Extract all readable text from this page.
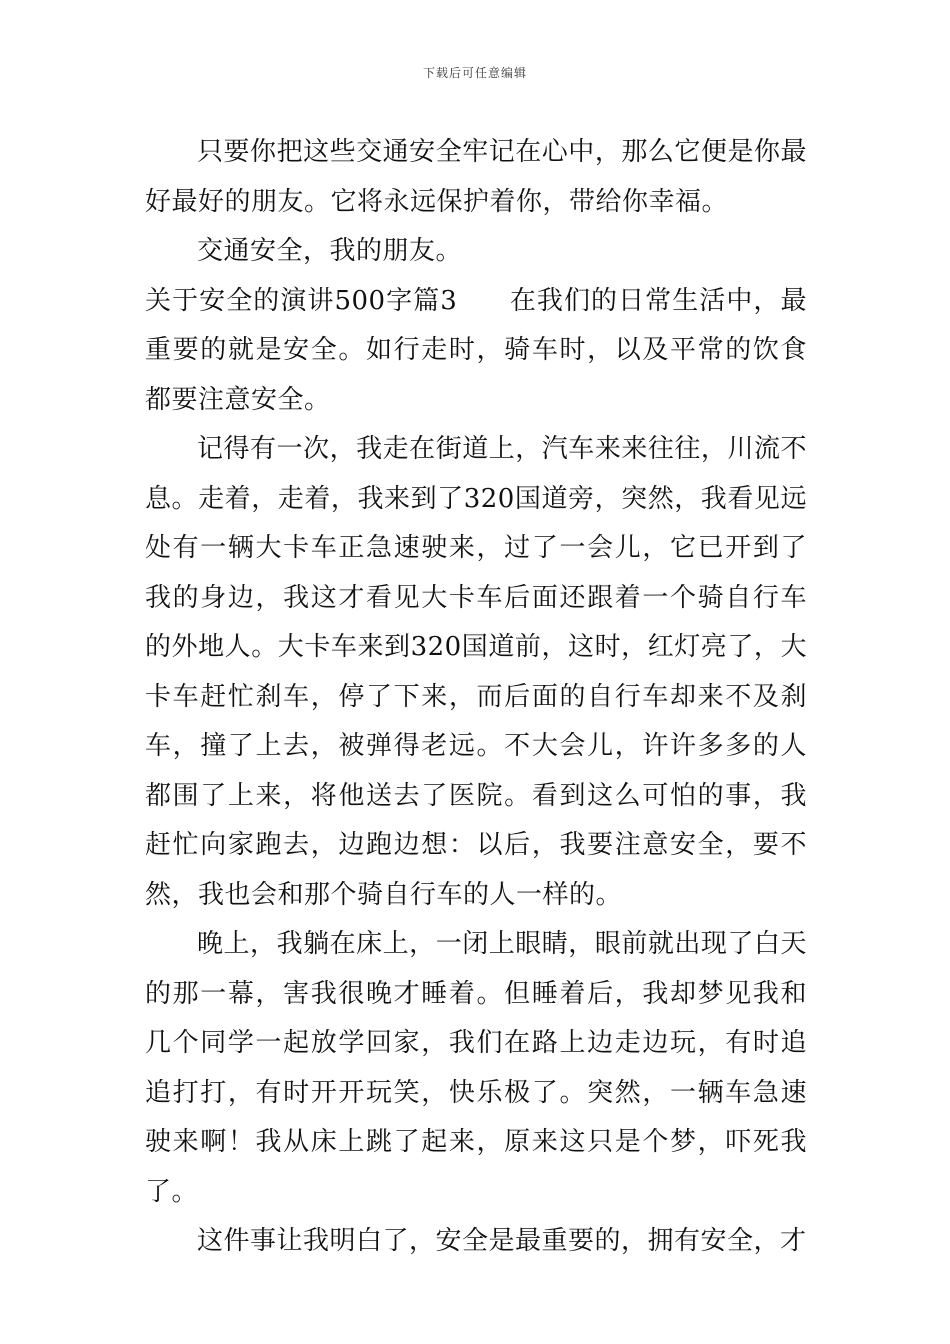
下载后可任意编辑

只要你把这些交通安全牢记在心中，那么它便是你最好最好的朋友。它将永远保护着你，带给你幸福。

交通安全，我的朋友。

关于安全的演讲500字篇3 在我们的日常生活中，最重要的就是安全。如行走时，骑车时，以及平常的饮食都要注意安全。

记得有一次，我走在街道上，汽车来来往往，川流不息。走着，走着，我来到了320国道旁，突然，我看见远处有一辆大卡车正急速驶来，过了一会儿，它已开到了我的身边，我这才看见大卡车后面还跟着一个骑自行车的外地人。大卡车来到320国道前，这时，红灯亮了，大卡车赶忙刹车，停了下来，而后面的自行车却来不及刹车，撞了上去，被弹得老远。不大会儿，许许多多的人都围了上来，将他送去了医院。看到这么可怕的事，我赶忙向家跑去，边跑边想：以后，我要注意安全，要不然，我也会和那个骑自行车的人一样的。

晚上，我躺在床上，一闭上眼睛，眼前就出现了白天的那一幕，害我很晚才睡着。但睡着后，我却梦见我和几个同学一起放学回家，我们在路上边走边玩，有时追追打打，有时开开玩笑，快乐极了。突然，一辆车急速驶来啊！我从床上跳了起来，原来这只是个梦，吓死我了。

这件事让我明白了，安全是最重要的，拥有安全，才
